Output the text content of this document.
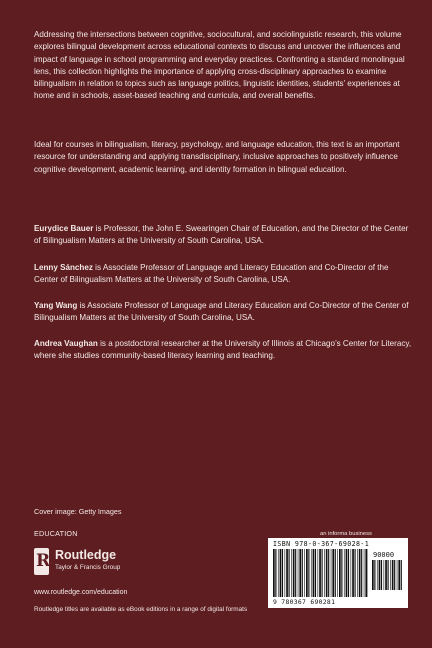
Addressing the intersections between cognitive, sociocultural, and sociolinguistic research, this volume explores bilingual development across educational contexts to discuss and uncover the influences and impact of language in school programming and everyday practices. Confronting a standard monolingual lens, this collection highlights the importance of applying cross-disciplinary approaches to examine bilingualism in relation to topics such as language politics, linguistic identities, students’ experiences at home and in schools, asset-based teaching and curricula, and overall benefits.

Ideal for courses in bilingualism, literacy, psychology, and language education, this text is an important resource for understanding and applying transdisciplinary, inclusive approaches to positively influence cognitive development, academic learning, and identity formation in bilingual education.

Eurydice Bauer is Professor, the John E. Swearingen Chair of Education, and the Director of the Center of Bilingualism Matters at the University of South Carolina, USA.

Lenny Sánchez is Associate Professor of Language and Literacy Education and Co-Director of the Center of Bilingualism Matters at the University of South Carolina, USA.

Yang Wang is Associate Professor of Language and Literacy Education and Co-Director of the Center of Bilingualism Matters at the University of South Carolina, USA.

Andrea Vaughan is a postdoctoral researcher at the University of Illinois at Chicago’s Center for Literacy, where she studies community-based literacy learning and teaching.

Cover image: Getty Images
EDUCATION
R Routledge
Taylor & Francis Group
www.routledge.com/education
Routledge titles are available as eBook editions in a range of digital formats
an informa business
ISBN 978-0-367-69028-1
90000
9 780367 690281
